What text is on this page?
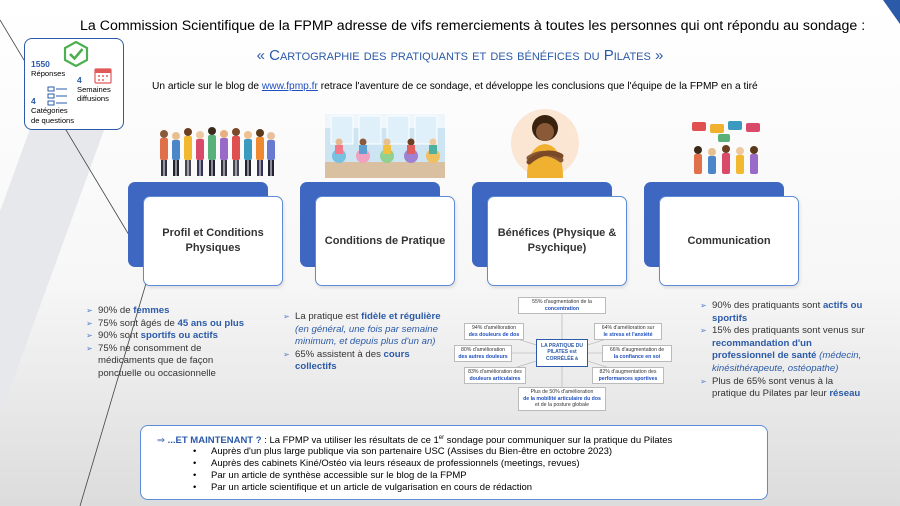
La Commission Scientifique de la FPMP adresse de vifs remerciements à toutes les personnes qui ont répondu au sondage :
« Cartographie des pratiquants et des bénéfices du Pilates »
Un article sur le blog de www.fpmp.fr retrace l'aventure de ce sondage, et développe les conclusions que l'équipe de la FPMP en a tiré
1550
Réponses
4
Semaines
diffusions
4
Catégories
de questions
Profil et Conditions Physiques
Conditions de Pratique
Bénéfices (Physique & Psychique)
Communication
➢ 90% de femmes
➢ 75% sont âgés de 45 ans ou plus
➢ 90% sont sportifs ou actifs
➢ 75% ne consomment de médicaments que de façon ponctuelle ou occasionnelle
➢ La pratique est fidèle et régulière (en général, une fois par semaine minimum, et depuis plus d'un an)
➢ 65% assistent à des cours collectifs
LA PRATIQUE DU PILATES est CORRÉLÉE à
55% d'augmentation de la
concentration
94% d'amélioration
des douleurs de dos
64% d'amélioration sur
le stress et l'anxiété
80% d'amélioration
des autres douleurs
66% d'augmentation de
la confiance en soi
83% d'amélioration des
douleurs articulaires
82% d'augmentation des
performances sportives
Plus de 50% d'amélioration
de la mobilité articulaire du dos
et de la posture globale
➢ 90% des pratiquants sont actifs ou sportifs
➢ 15% des pratiquants sont venus sur recommandation d'un professionnel de santé (médecin, kinésithérapeute, ostéopathe)
➢ Plus de 65% sont venus à la pratique du Pilates par leur réseau
⇒ ...ET MAINTENANT ? : La FPMP va utiliser les résultats de ce 1er sondage pour communiquer sur la pratique du Pilates
• Auprès d'un plus large publique via son partenaire USC (Assises du Bien-être en octobre 2023)
• Auprès des cabinets Kiné/Ostéo via leurs réseaux de professionnels (meetings, revues)
• Par un article de synthèse accessible sur le blog de la FPMP
• Par un article scientifique et un article de vulgarisation en cours de rédaction
